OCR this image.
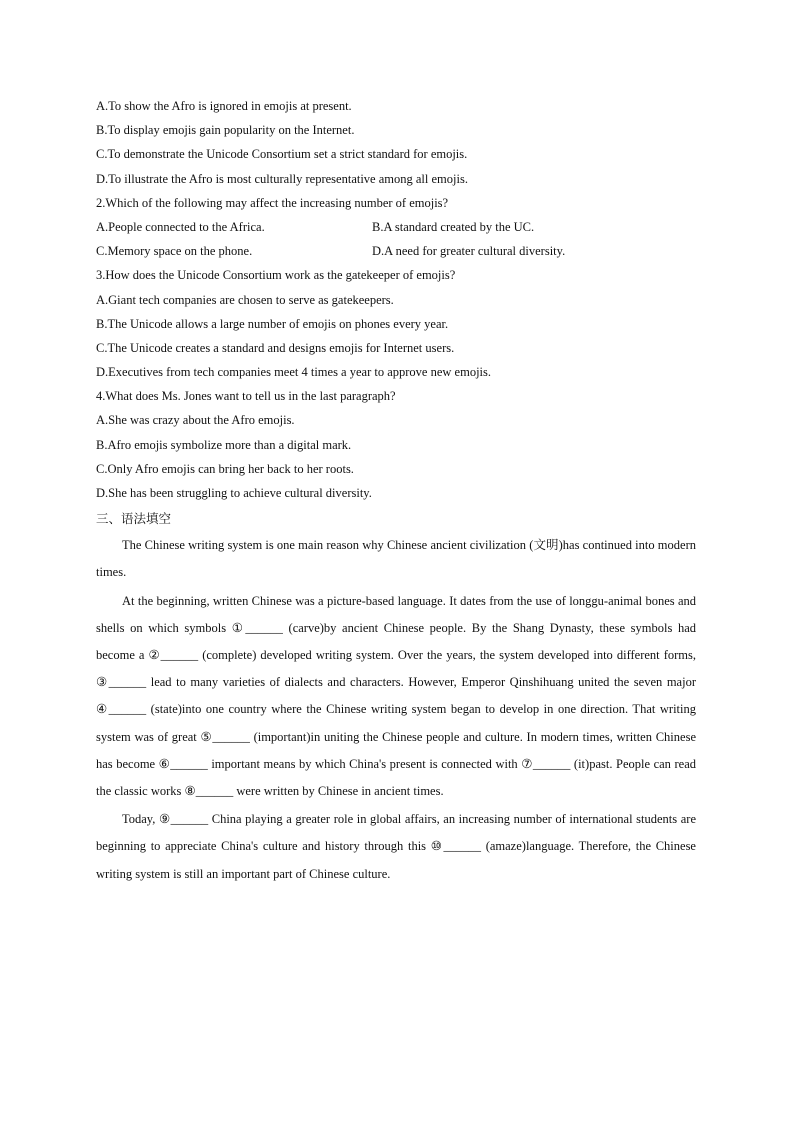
A.To show the Afro is ignored in emojis at present.
B.To display emojis gain popularity on the Internet.
C.To demonstrate the Unicode Consortium set a strict standard for emojis.
D.To illustrate the Afro is most culturally representative among all emojis.
2.Which of the following may affect the increasing number of emojis?
A.People connected to the Africa.	B.A standard created by the UC.
C.Memory space on the phone.	D.A need for greater cultural diversity.
3.How does the Unicode Consortium work as the gatekeeper of emojis?
A.Giant tech companies are chosen to serve as gatekeepers.
B.The Unicode allows a large number of emojis on phones every year.
C.The Unicode creates a standard and designs emojis for Internet users.
D.Executives from tech companies meet 4 times a year to approve new emojis.
4.What does Ms. Jones want to tell us in the last paragraph?
A.She was crazy about the Afro emojis.
B.Afro emojis symbolize more than a digital mark.
C.Only Afro emojis can bring her back to her roots.
D.She has been struggling to achieve cultural diversity.
三、语法填空
The Chinese writing system is one main reason why Chinese ancient civilization (文明)has continued into modern times.
At the beginning, written Chinese was a picture-based language. It dates from the use of longgu-animal bones and shells on which symbols ①______ (carve)by ancient Chinese people. By the Shang Dynasty, these symbols had become a ②______ (complete) developed writing system. Over the years, the system developed into different forms, ③______ lead to many varieties of dialects and characters. However, Emperor Qinshihuang united the seven major ④______ (state)into one country where the Chinese writing system began to develop in one direction. That writing system was of great ⑤______ (important)in uniting the Chinese people and culture. In modern times, written Chinese has become ⑥______ important means by which China's present is connected with ⑦______ (it)past. People can read the classic works ⑧______ were written by Chinese in ancient times.
Today, ⑨______ China playing a greater role in global affairs, an increasing number of international students are beginning to appreciate China's culture and history through this ⑩______ (amaze)language. Therefore, the Chinese writing system is still an important part of Chinese culture.
